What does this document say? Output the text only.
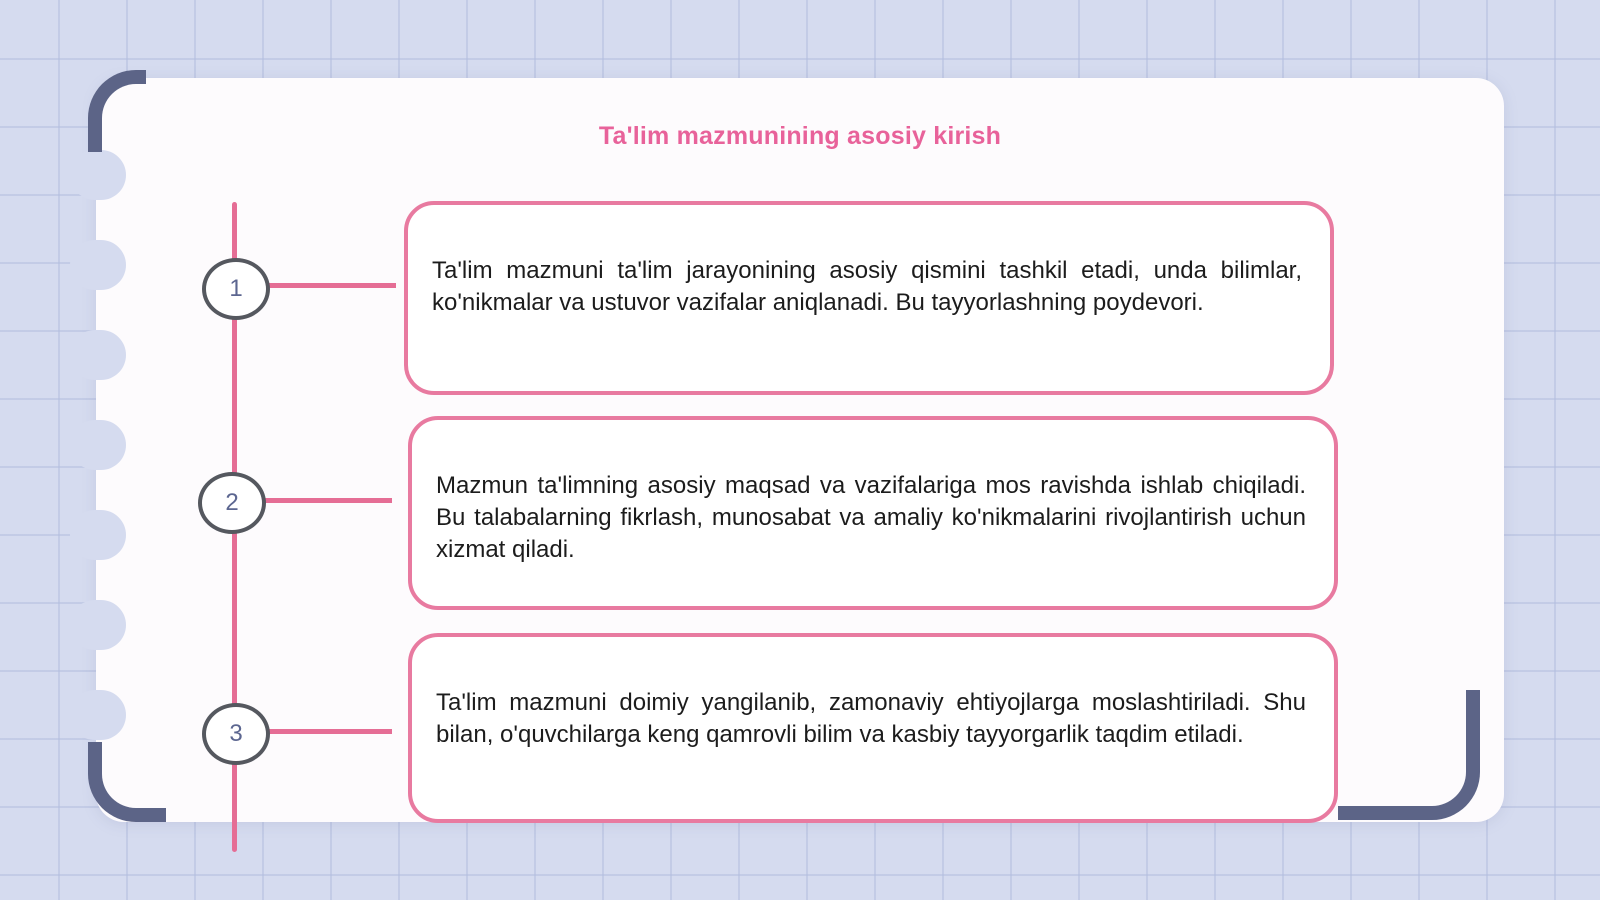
Ta'lim mazmunining asosiy kirish
1
2
3
Ta'lim mazmuni ta'lim jarayonining asosiy qismini tashkil etadi, unda bilimlar, ko'nikmalar va ustuvor vazifalar aniqlanadi. Bu tayyorlashning poydevori.
Mazmun ta'limning asosiy maqsad va vazifalariga mos ravishda ishlab chiqiladi. Bu talabalarning fikrlash, munosabat va amaliy ko'nikmalarini rivojlantirish uchun xizmat qiladi.
Ta'lim mazmuni doimiy yangilanib, zamonaviy ehtiyojlarga moslashtiriladi. Shu bilan, o'quvchilarga keng qamrovli bilim va kasbiy tayyorgarlik taqdim etiladi.
